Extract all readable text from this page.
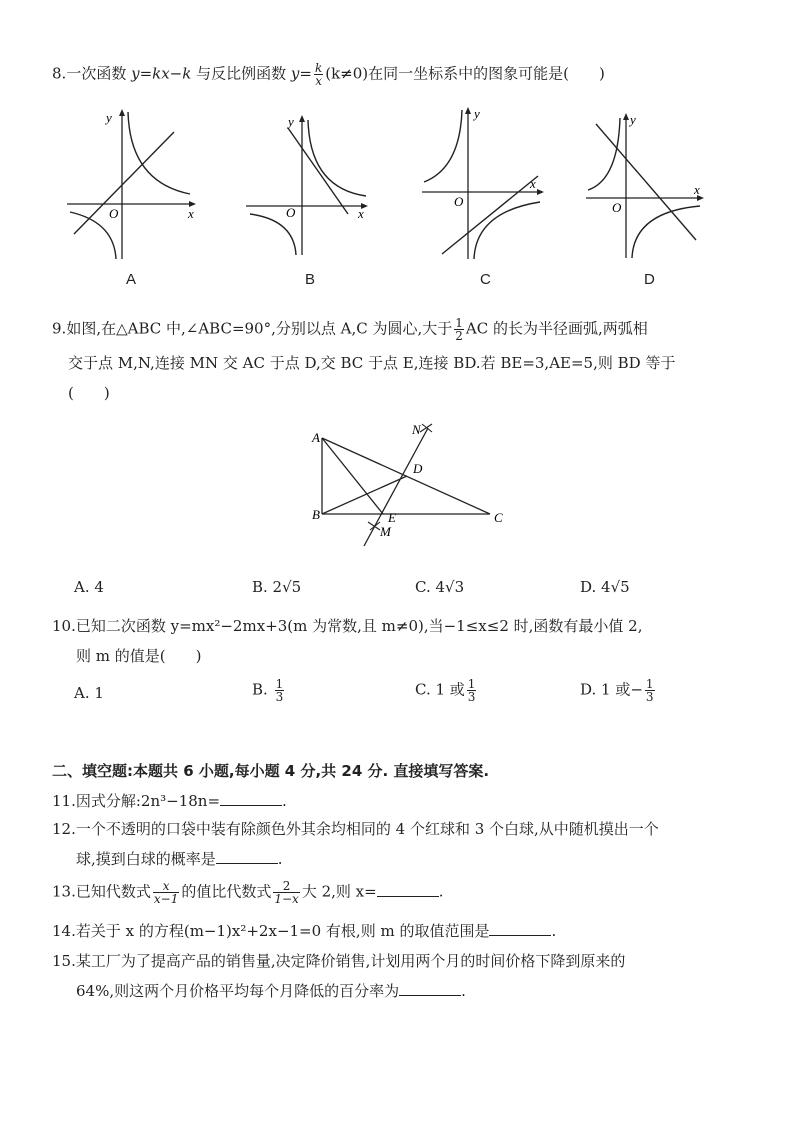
8.一次函数 y=kx−k 与反比例函数 $y= \frac{k}{x} (k\ne 0)$在同一坐标系中的图象可能是(　　)
y
x
O
A
y
x
O
B
y
x
O
C
y
x
O
D
9.如图,在△ABC 中,∠ABC=90°,分别以点 A,C 为圆心,大于 $\frac{1}{2}$ AC 的长为半径画弧,两弧相
交于点 M,N,连接 MN 交 AC 于点 D,交 BC 于点 E,连接 BD.若 BE=3,AE=5,则 BD 等于
(　　)
A
B	C
D
E
M
N
A. 4	B. 2√5	C. 4√3	D. 4√5
10.已知二次函数 y=mx²−2mx+3(m 为常数,且 m≠0),当−1≤x≤2 时,函数有最小值 2,
则 m 的值是(　　)
A. 1	B. $\frac{1}{3}$	C. 1 或 $\frac{1}{3}$	D. 1 或− $\frac{1}{3}$
二、填空题:本题共 6 小题,每小题 4 分,共 24 分. 直接填写答案.
11.因式分解:2n³−18n=	.
12.一个不透明的口袋中装有除颜色外其余均相同的 4 个红球和 3 个白球,从中随机摸出一个
球,摸到白球的概率是	.
13.已知代数式 $\frac{x}{x-1}$ 的值比代数式 $\frac{2}{1-x}$ 大 2,则 x=	.
14.若关于 x 的方程(m−1)x²+2x−1=0 有根,则 m 的取值范围是	.
15.某工厂为了提高产品的销售量,决定降价销售,计划用两个月的时间价格下降到原来的
64%,则这两个月价格平均每个月降低的百分率为	.
